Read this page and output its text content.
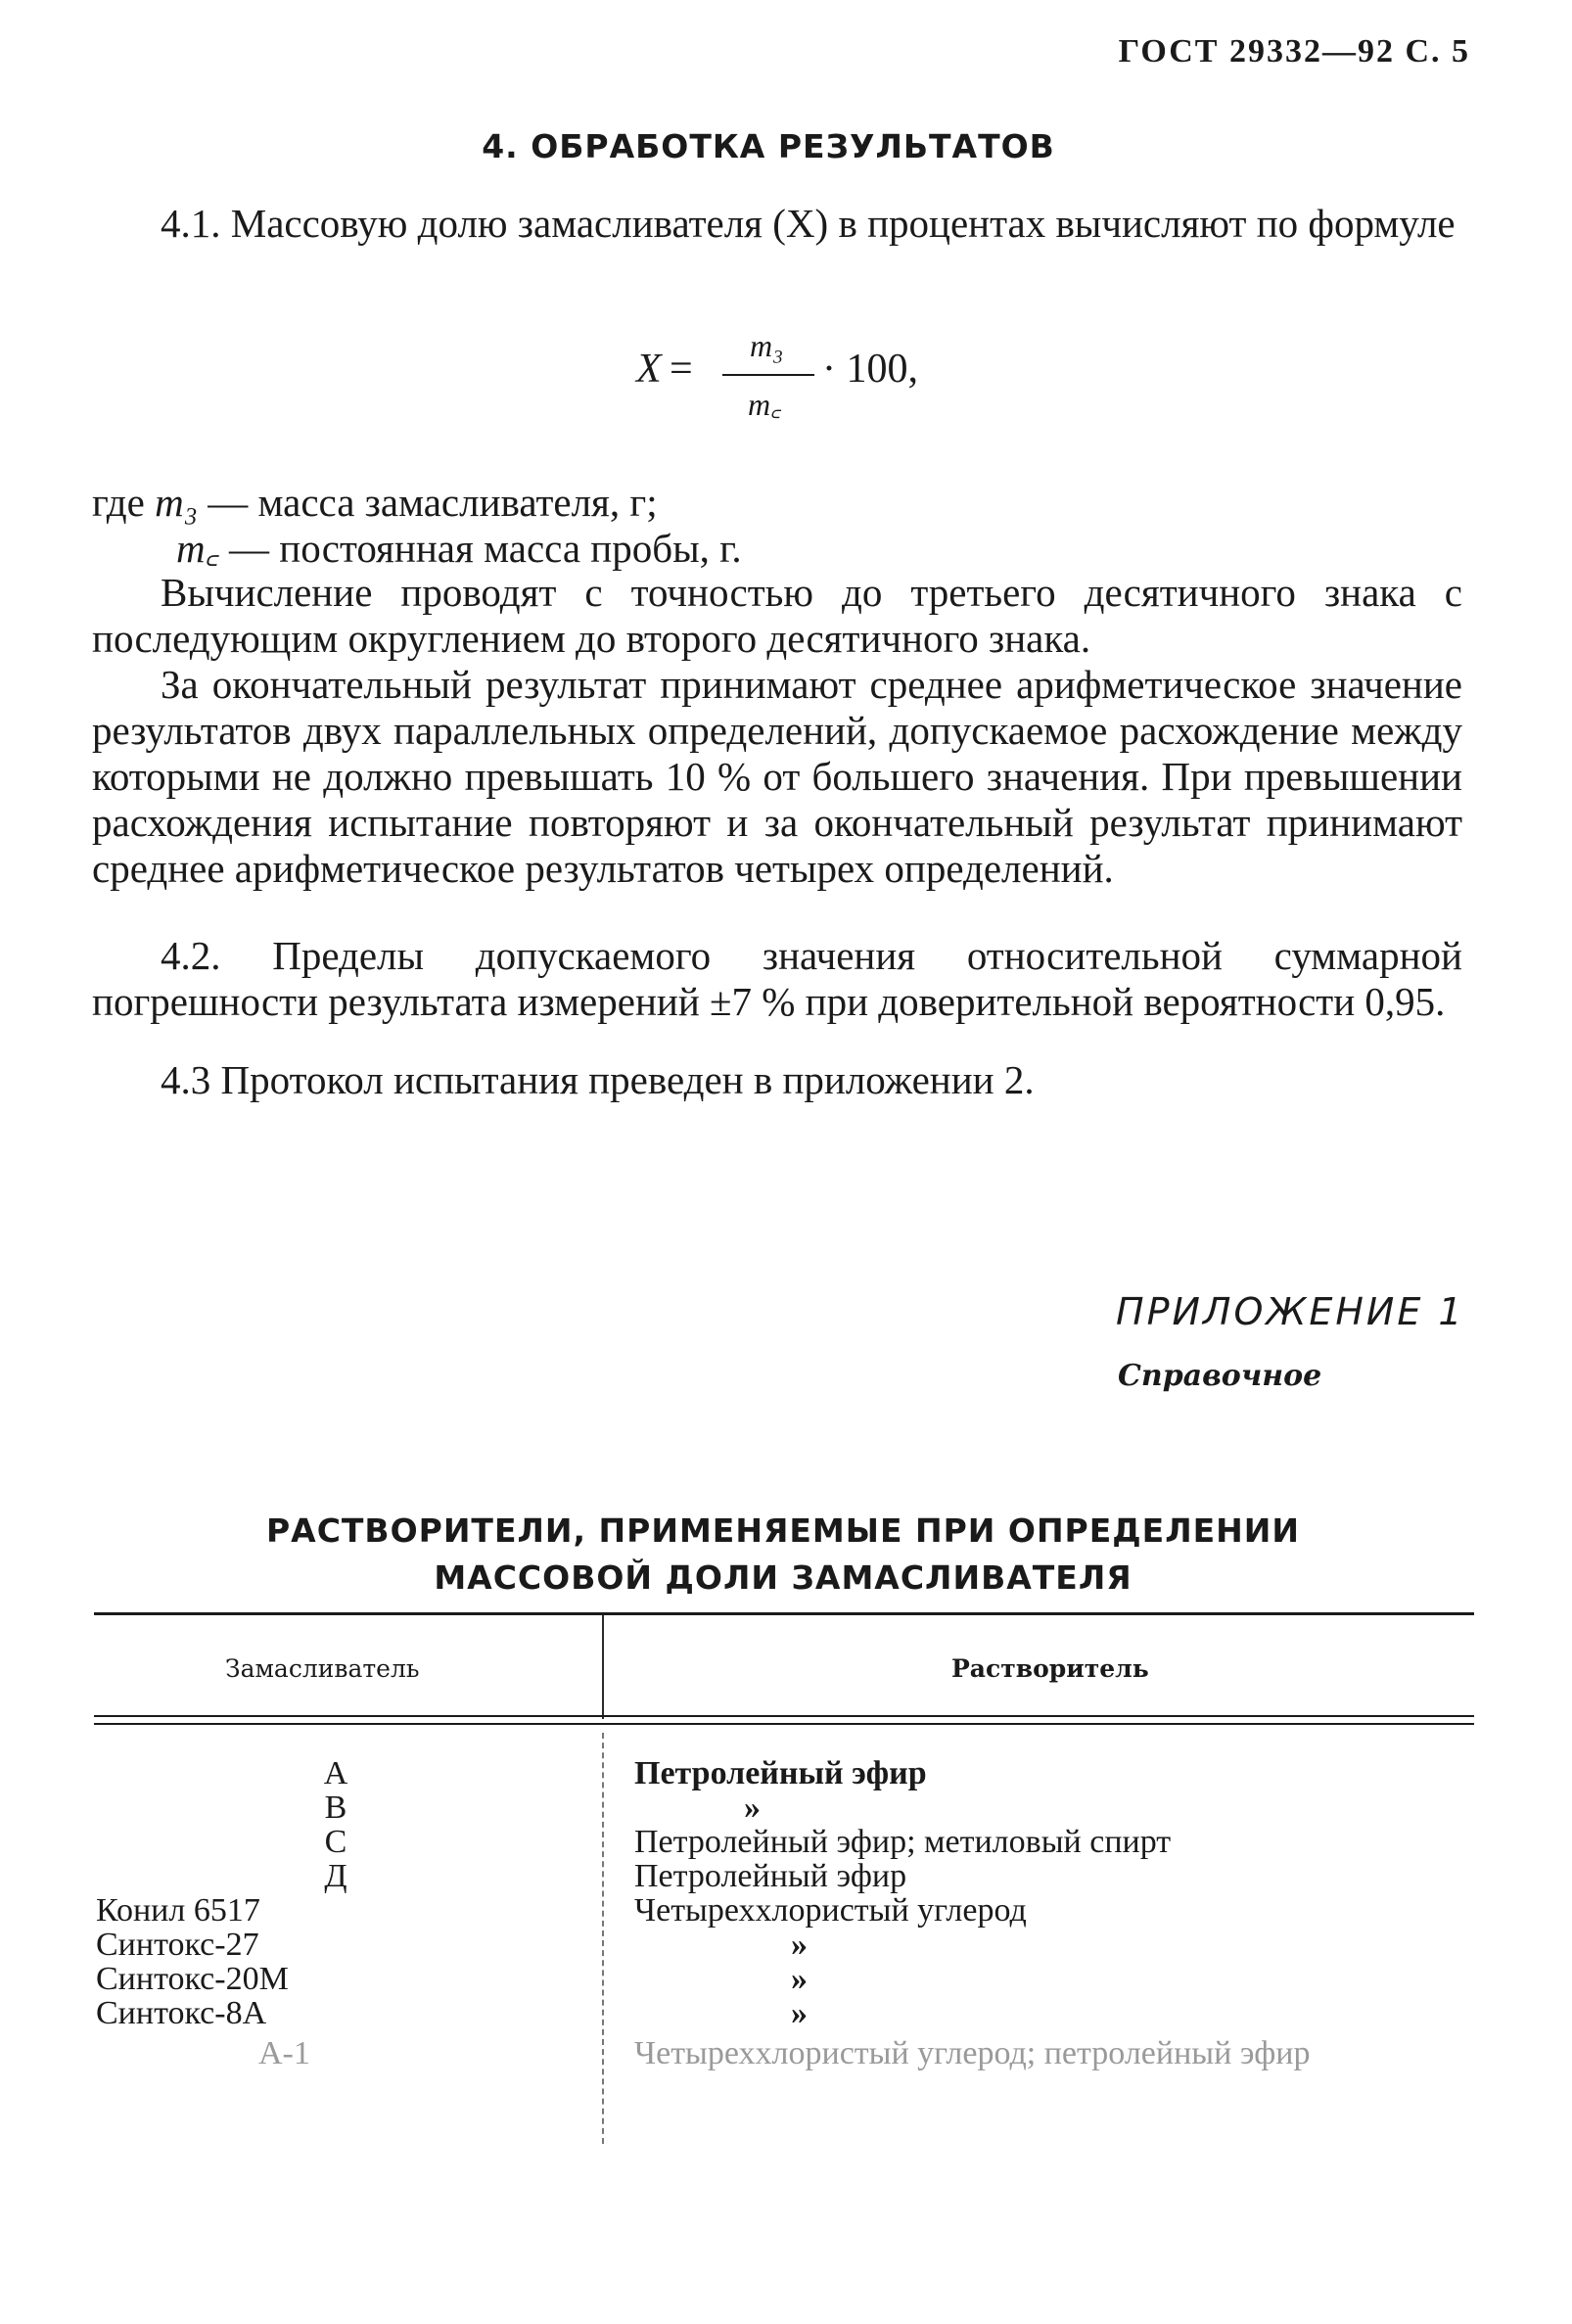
ГОСТ 29332—92 С. 5
4. ОБРАБОТКА РЕЗУЛЬТАТОВ
4.1. Массовую долю замасливателя (X) в процентах вычисляют по формуле
X =
m₃
m꜀
· 100,
где m₃ — масса замасливателя, г;
m꜀ — постоянная масса пробы, г.
Вычисление проводят с точностью до третьего десятичного знака с последующим округлением до второго десятичного знака.
За окончательный результат принимают среднее арифметическое значение результатов двух параллельных определений, допускаемое расхождение между которыми не должно превышать 10 % от большего значения. При превышении расхождения испытание повторяют и за окончательный результат принимают среднее арифметическое результатов четырех определений.
4.2. Пределы допускаемого значения относительной суммарной погрешности результата измерений ±7 % при доверительной вероятности 0,95.
4.3 Протокол испытания преведен в приложении 2.
ПРИЛОЖЕНИЕ 1
Справочное
РАСТВОРИТЕЛИ, ПРИМЕНЯЕМЫЕ ПРИ ОПРЕДЕЛЕНИИ
МАССОВОЙ ДОЛИ ЗАМАСЛИВАТЕЛЯ
Замасливатель	Растворитель
А	Петролейный эфир
В	»
С	Петролейный эфир; метиловый спирт
Д	Петролейный эфир
Конил 6517	Четыреххлористый углерод
Синтокс-27	»
Синтокс-20М	»
Синтокс-8А	»
А-1	Четыреххлористый углерод; петролейный эфир
